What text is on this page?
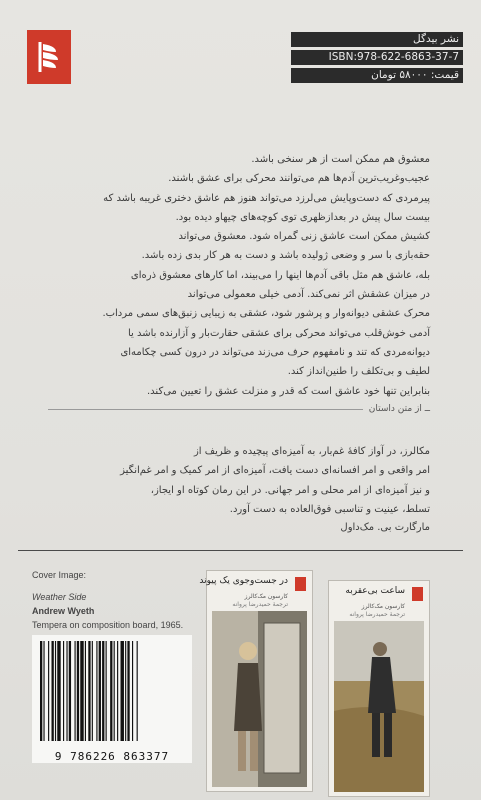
نشر بیدگل
ISBN:978-622-6863-37-7
قیمت: ۵۸۰۰۰ تومان

معشوق هم ممکن است از هر سنخی باشد.

عجیب‌وغریب‌ترین آدم‌ها هم می‌توانند محرکی برای عشق باشند.

پیرمردی که دست‌وپایش می‌لرزد می‌تواند هنوز هم عاشق دختری غریبه باشد که

بیست سال پیش در بعدازظهری توی کوچه‌های چیهاو دیده بود.

کشیش ممکن است عاشق زنی گمراه شود. معشوق می‌تواند

حقه‌بازی با سر و وضعی ژولیده باشد و دست به هر کار بدی زده باشد.

بله، عاشق هم مثل باقی آدم‌ها اینها را می‌بیند، اما کارهای معشوق ذره‌ای

در میزان عشقش اثر نمی‌کند. آدمی خیلی معمولی می‌تواند

محرک عشقی دیوانه‌وار و پرشور شود، عشقی به زیبایی زنبق‌های سمی مرداب.

آدمی خوش‌قلب می‌تواند محرکی برای عشقی حقارت‌بار و آزارنده باشد یا

دیوانه‌مردی که تند و نامفهوم حرف می‌زند می‌تواند در درون کسی چکامه‌ای

لطیف و بی‌تکلف را طنین‌انداز کند.

بنابراین تنها خود عاشق است که قدر و منزلت عشق را تعیین می‌کند.

ــ از متن داستان

مکالرز، در آواز کافهٔ غم‌بار، به آمیزه‌ای پیچیده و ظریف از

امر واقعی و امر افسانه‌ای دست یافت، آمیزه‌ای از امر کمیک و امر غم‌انگیز

و نیز آمیزه‌ای از امر محلی و امر جهانی. در این رمان کوتاه او ایجاز،

تسلط، عینیت و تناسبی فوق‌العاده به دست آورد.

مارگارت بی. مک‌داول
Cover Image:
Weather Side
Andrew Wyeth
Tempera on composition board, 1965.
در جست‌وجوی یک پیوند
کارسون مک‌کالرز
ترجمهٔ حمیدرضا پروانه
ساعت بی‌عقربه
کارسون مک‌کالرز
ترجمهٔ حمیدرضا پروانه
9 786226 863377
